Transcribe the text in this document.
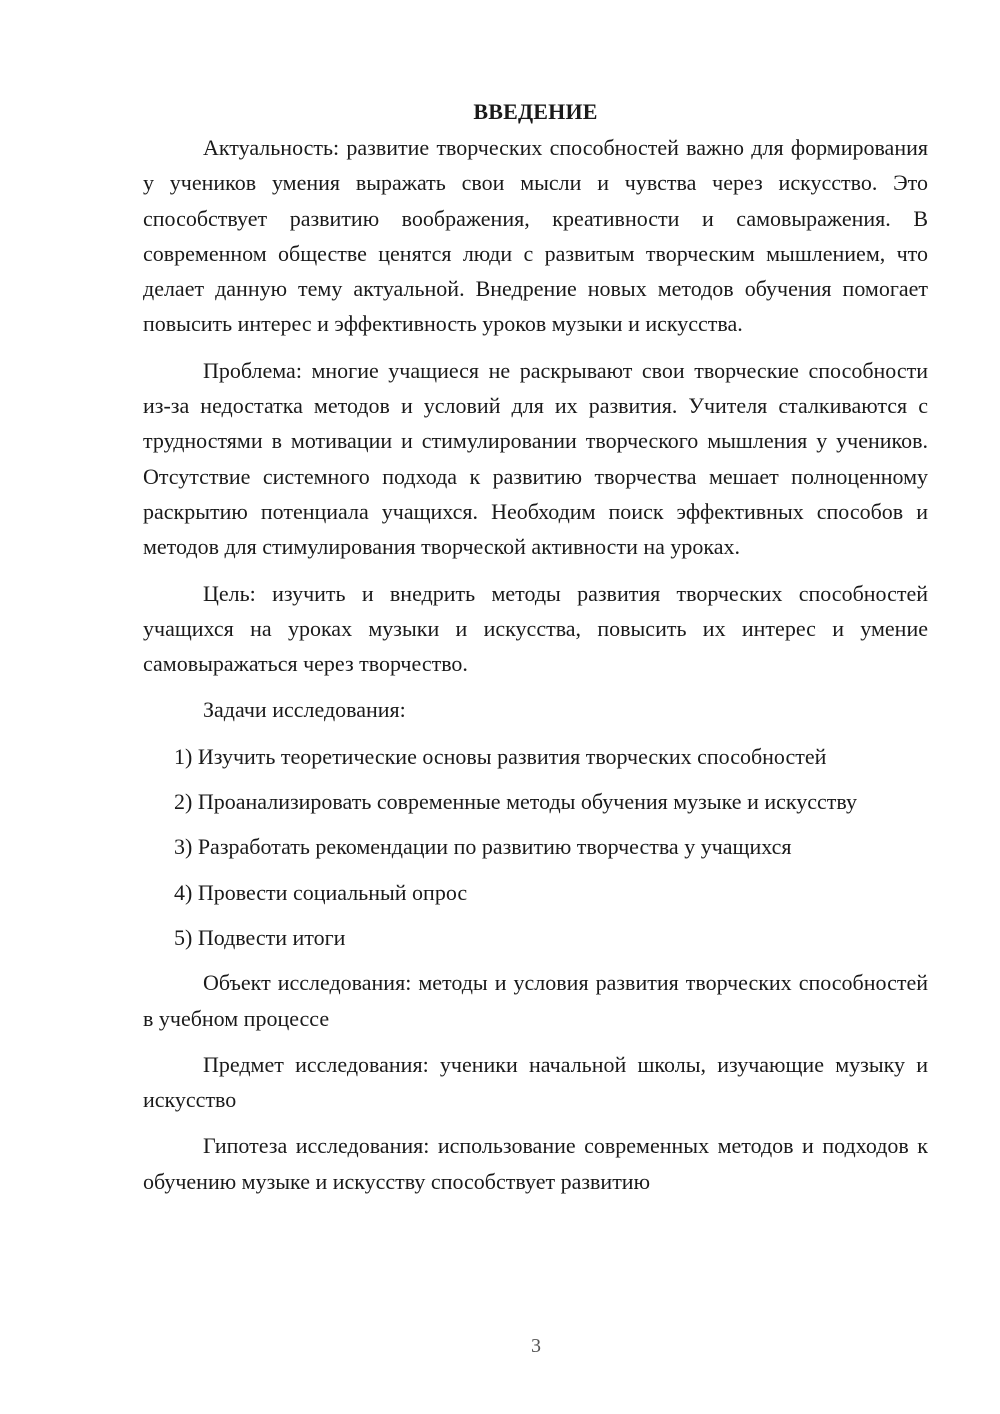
ВВЕДЕНИЕ

Актуальность: развитие творческих способностей важно для формирования у учеников умения выражать свои мысли и чувства через искусство. Это способствует развитию воображения, креативности и самовыражения. В современном обществе ценятся люди с развитым творческим мышлением, что делает данную тему актуальной. Внедрение новых методов обучения помогает повысить интерес и эффективность уроков музыки и искусства.

Проблема: многие учащиеся не раскрывают свои творческие способности из-за недостатка методов и условий для их развития. Учителя сталкиваются с трудностями в мотивации и стимулировании творческого мышления у учеников. Отсутствие системного подхода к развитию творчества мешает полноценному раскрытию потенциала учащихся. Необходим поиск эффективных способов и методов для стимулирования творческой активности на уроках.

Цель: изучить и внедрить методы развития творческих способностей учащихся на уроках музыки и искусства, повысить их интерес и умение самовыражаться через творчество.

Задачи исследования:

1) Изучить теоретические основы развития творческих способностей

2) Проанализировать современные методы обучения музыке и искусству

3) Разработать рекомендации по развитию творчества у учащихся

4) Провести социальный опрос

5) Подвести итоги

Объект исследования: методы и условия развития творческих способностей в учебном процессе

Предмет исследования: ученики начальной школы, изучающие музыку и искусство

Гипотеза исследования: использование современных методов и подходов к обучению музыке и искусству способствует развитию

3
